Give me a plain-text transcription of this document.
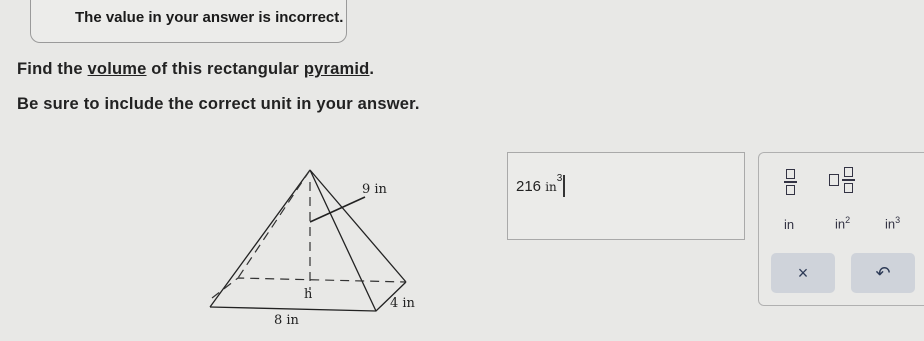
The value in your answer is incorrect.
Find the volume of this rectangular pyramid.
Be sure to include the correct unit in your answer.
9 in
h
4 in
8 in
216 $in^3$
in	$in^2$	$in^3$
×	↶
